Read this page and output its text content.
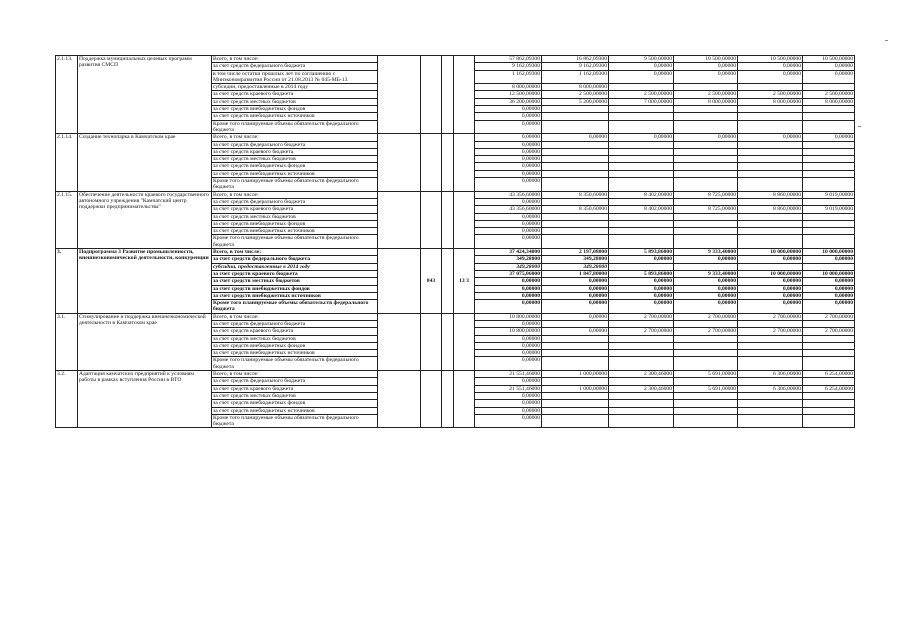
2.1.13.	Поддержка муниципальных целевых программ развития СМСП	Всего, в том числе:					57 862,09300	16 862,09300	9 500,00000	10 500,00000	10 500,00000	10 500,00000
		за счет средств федерального бюджета					9 162,09300	9 162,09300	0,00000	0,00000	0,00000	0,00000
		в том числе остатки прошлых лет по соглашению с Минэкономразвития России от 21.08.2013 № 045-МБ-13					1 162,09300	1 162,09300	0,00000	0,00000	0,00000	0,00000
		субсидии, предоставленные в 2014 году					8 000,00000	8 000,00000				
		за счет средств краевого бюджета					12 500,00000	2 500,00000	2 500,00000	2 500,00000	2 500,00000	2 500,00000
		за счет средств местных бюджетов					36 200,00000	5 200,00000	7 000,00000	8 000,00000	8 000,00000	8 000,00000
		за счет средств внебюджетных фондов					0,00000					
		за счет средств внебюджетных источников					0,00000					
		Кроме того планируемые объемы обязательств федерального бюджета					0,00000					
2.1.14.	Создание технопарка в Камчатском крае	Всего, в том числе:					0,00000	0,00000	0,00000	0,00000	0,00000	0,00000
		за счет средств федерального бюджета					0,00000					
		за счет средств краевого бюджета					0,00000					
		за счет средств местных бюджетов					0,00000					
		за счет средств внебюджетных фондов					0,00000					
		за счет средств внебюджетных источников					0,00000					
		Кроме того планируемые объемы обязательств федерального бюджета					0,00000					
2.1.15.	Обеспечение деятельности краевого государственного автономного учреждения "Камчатский центр поддержки предпринимательства"	Всего, в том числе:					43 356,60000	8 350,60000	8 402,00000	8 725,00000	8 860,00000	9 019,00000
		за счет средств федерального бюджета					0,00000					
		за счет средств краевого бюджета					43 356,60000	8 350,60000	8 402,00000	8 725,00000	8 860,00000	9 019,00000
		за счет средств местных бюджетов					0,00000					
		за счет средств внебюджетных фондов					0,00000					
		за счет средств внебюджетных источников					0,00000					
		Кроме того планируемые объемы обязательств федерального бюджета					0,00000					
3.	Подпрограмма 3 Развитие промышленности, внешнеэкономической деятельности, конкуренции	Всего, в том числе:		843		13 3	37 424,34000	2 197,08000	5 893,86000	9 333,40000	10 000,00000	10 000,00000
		за счет средств федерального бюджета					349,28000	349,28000	0,00000	0,00000	0,00000	0,00000
		субсидии, предоставленные в 2014 году					349,28000	349,28000				
		за счет средств краевого бюджета					37 075,06000	1 847,80000	5 893,86000	9 333,40000	10 000,00000	10 000,00000
		за счет средств местных бюджетов					0,00000	0,00000	0,00000	0,00000	0,00000	0,00000
		за счет средств внебюджетных фондов					0,00000	0,00000	0,00000	0,00000	0,00000	0,00000
		за счет средств внебюджетных источников					0,00000	0,00000	0,00000	0,00000	0,00000	0,00000
		Кроме того планируемые объемы обязательств федерального бюджета					0,00000	0,00000	0,00000	0,00000	0,00000	0,00000
3.1.	Стимулирование и поддержка внешнеэкономической деятельности в Камчатском крае	Всего, в том числе:					10 800,00000	0,00000	2 700,00000	2 700,00000	2 700,00000	2 700,00000
		за счет средств федерального бюджета					0,00000					
		за счет средств краевого бюджета					10 800,00000	0,00000	2 700,00000	2 700,00000	2 700,00000	2 700,00000
		за счет средств местных бюджетов					0,00000					
		за счет средств внебюджетных фондов					0,00000					
		за счет средств внебюджетных источников					0,00000					
		Кроме того планируемые объемы обязательств федерального бюджета					0,00000					
3.2.	Адаптация камчатских предприятий к условиям работы в рамках вступления России в ВТО	Всего, в том числе:					21 551,46000	1 000,00000	2 300,46000	5 691,00000	6 306,00000	6 254,00000
		за счет средств федерального бюджета					0,00000					
		за счет средств краевого бюджета					21 551,46000	1 000,00000	2 300,46000	5 691,00000	6 306,00000	6 254,00000
		за счет средств местных бюджетов					0,00000					
		за счет средств внебюджетных фондов					0,00000					
		за счет средств внебюджетных источников					0,00000					
		Кроме того планируемые объемы обязательств федерального бюджета					0,00000					
